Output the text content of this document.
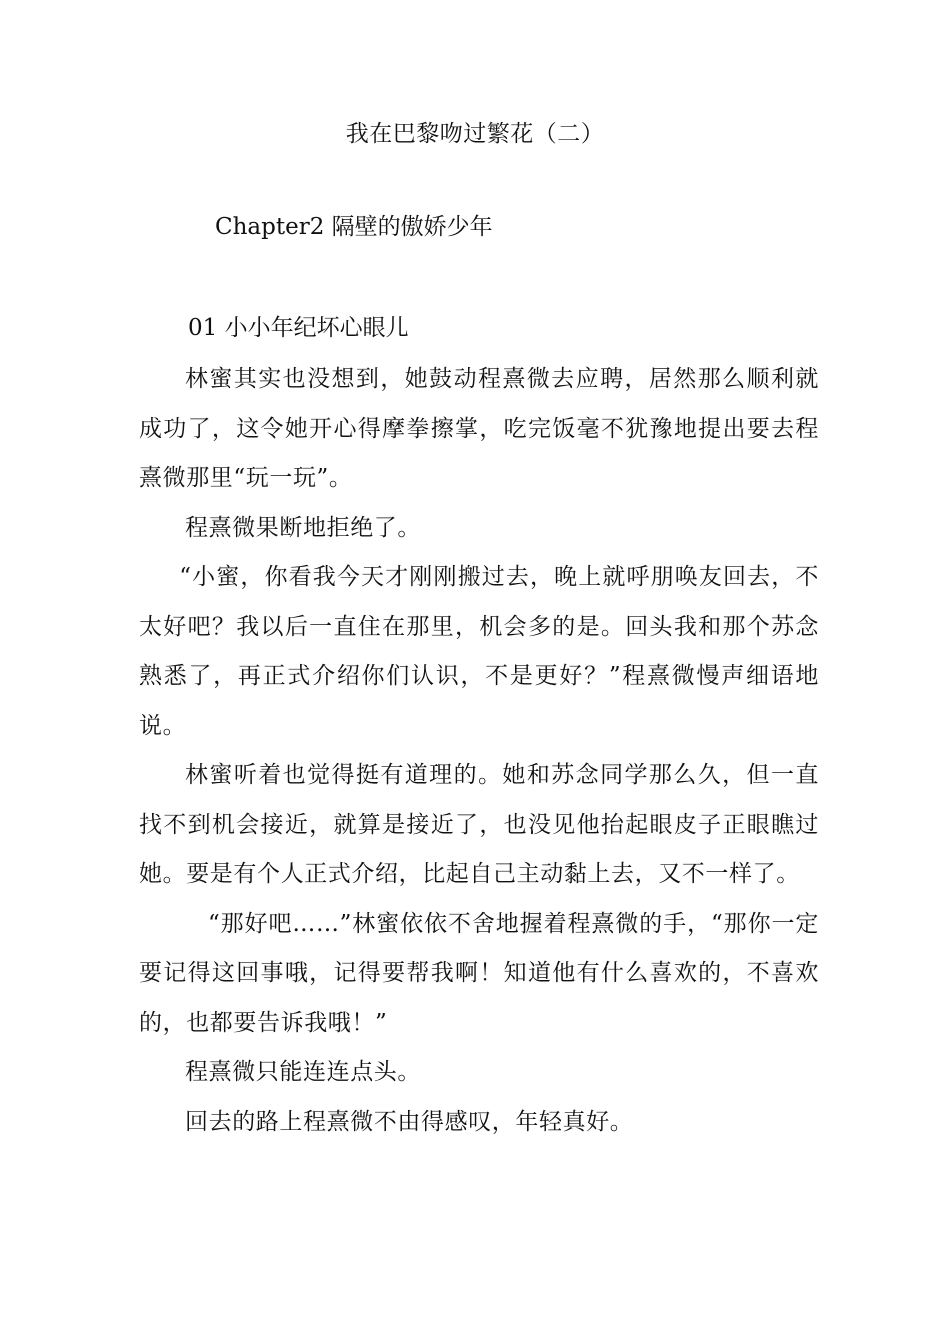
我在巴黎吻过繁花（二）
Chapter2 隔壁的傲娇少年
01 小小年纪坏心眼儿

林蜜其实也没想到，她鼓动程熹微去应聘，居然那么顺利就成功了，这令她开心得摩拳擦掌，吃完饭毫不犹豫地提出要去程熹微那里“玩一玩”。

程熹微果断地拒绝了。

“小蜜，你看我今天才刚刚搬过去，晚上就呼朋唤友回去，不太好吧？我以后一直住在那里，机会多的是。回头我和那个苏念熟悉了，再正式介绍你们认识，不是更好？”程熹微慢声细语地说。

林蜜听着也觉得挺有道理的。她和苏念同学那么久，但一直找不到机会接近，就算是接近了，也没见他抬起眼皮子正眼瞧过她。要是有个人正式介绍，比起自己主动黏上去，又不一样了。

“那好吧……”林蜜依依不舍地握着程熹微的手，“那你一定要记得这回事哦，记得要帮我啊！知道他有什么喜欢的，不喜欢的，也都要告诉我哦！”

程熹微只能连连点头。

回去的路上程熹微不由得感叹，年轻真好。
